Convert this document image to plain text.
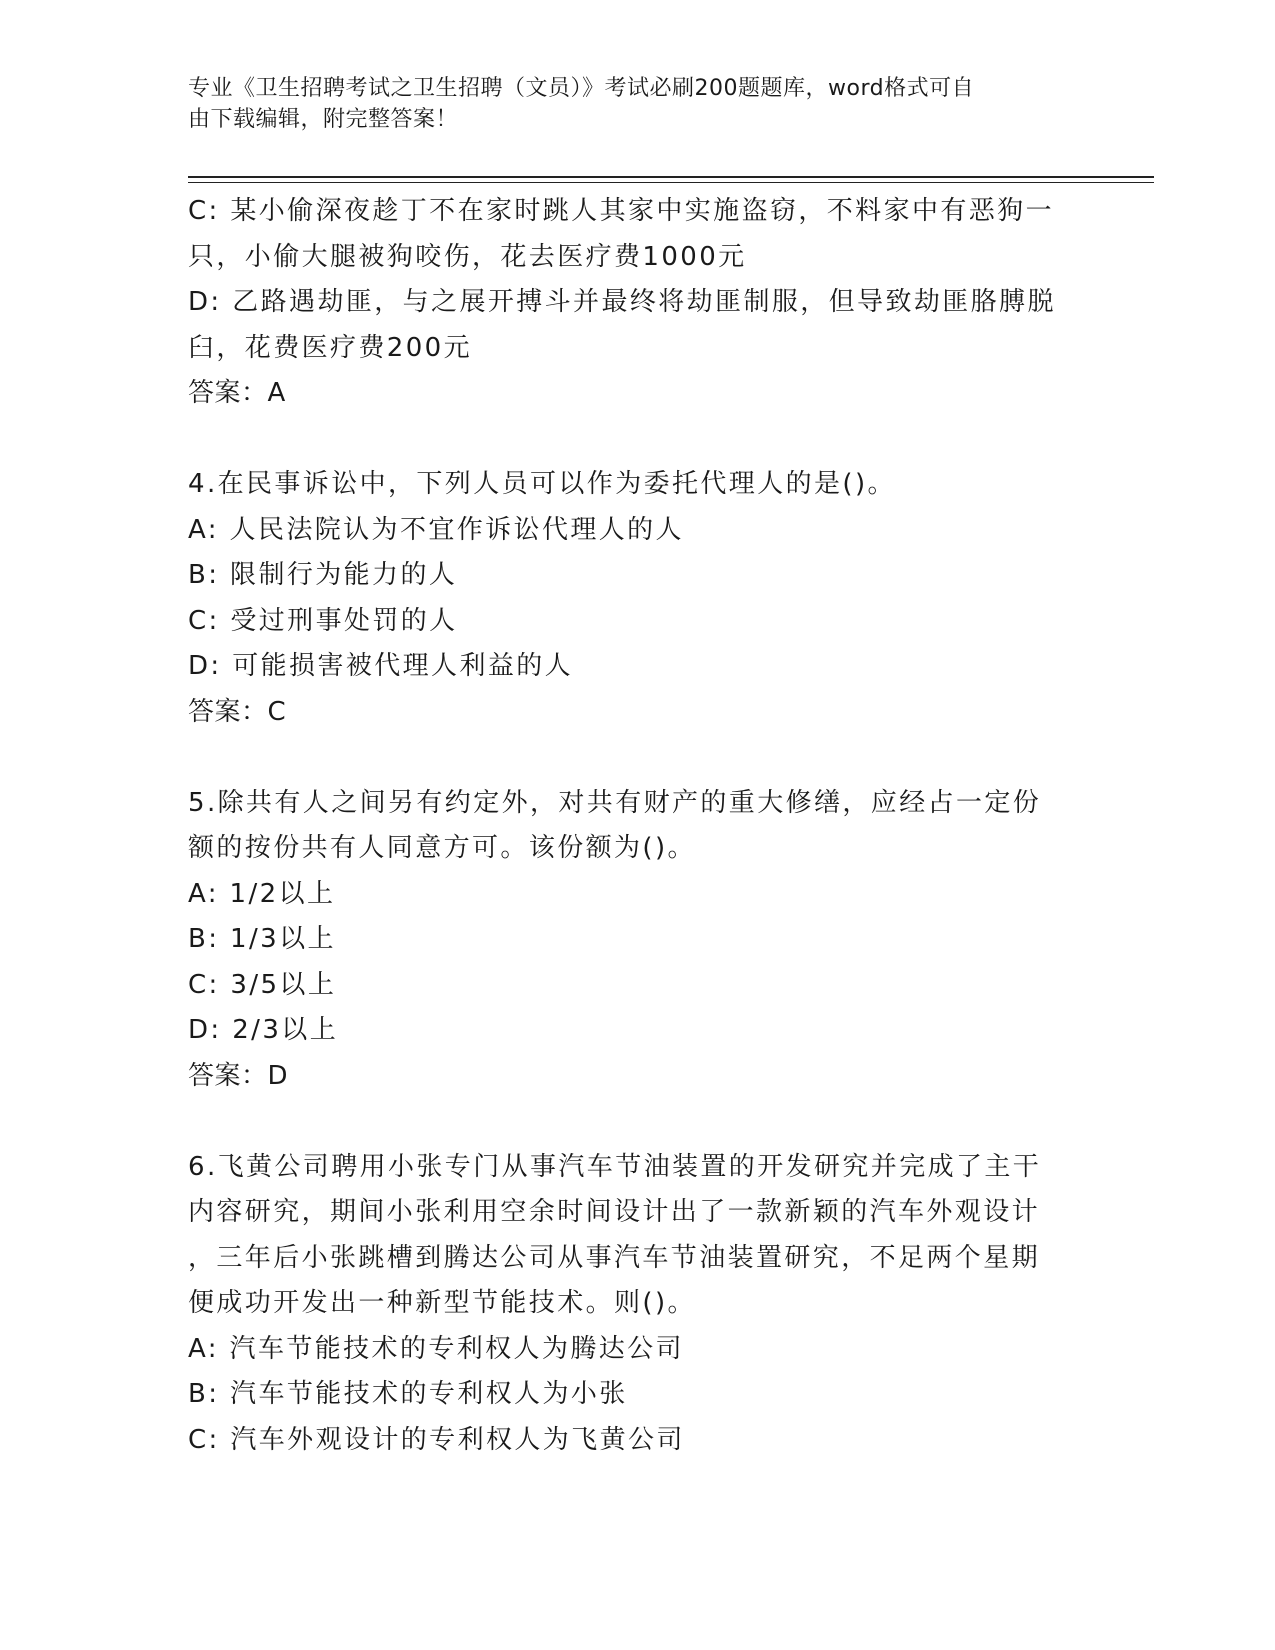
专业《卫生招聘考试之卫生招聘（文员）》考试必刷200题题库，word格式可自
由下载编辑，附完整答案！
C: 某小偷深夜趁丁不在家时跳人其家中实施盗窃，不料家中有恶狗一
只，小偷大腿被狗咬伤，花去医疗费1000元
D: 乙路遇劫匪，与之展开搏斗并最终将劫匪制服，但导致劫匪胳膊脱
臼，花费医疗费200元
答案：A
4.在民事诉讼中，下列人员可以作为委托代理人的是()。
A: 人民法院认为不宜作诉讼代理人的人
B: 限制行为能力的人
C: 受过刑事处罚的人
D: 可能损害被代理人利益的人
答案：C
5.除共有人之间另有约定外，对共有财产的重大修缮，应经占一定份
额的按份共有人同意方可。该份额为()。
A: 1/2以上
B: 1/3以上
C: 3/5以上
D: 2/3以上
答案：D
6.飞黄公司聘用小张专门从事汽车节油装置的开发研究并完成了主干
内容研究，期间小张利用空余时间设计出了一款新颖的汽车外观设计
，三年后小张跳槽到腾达公司从事汽车节油装置研究，不足两个星期
便成功开发出一种新型节能技术。则()。
A: 汽车节能技术的专利权人为腾达公司
B: 汽车节能技术的专利权人为小张
C: 汽车外观设计的专利权人为飞黄公司
